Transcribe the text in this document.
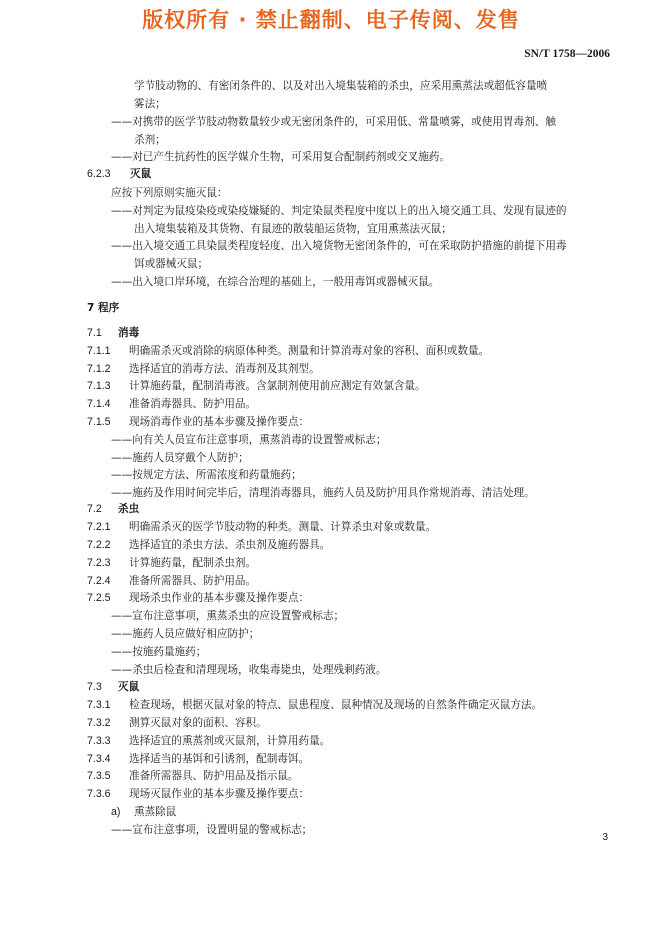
版权所有 · 禁止翻制、电子传阅、发售
SN/T 1758—2006
学节肢动物的、有密闭条件的、以及对出入境集装箱的杀虫，应采用熏蒸法或超低容量喷
雾法；
——对携带的医学节肢动物数量较少或无密闭条件的，可采用低、常量喷雾，或使用胃毒剂、触
杀剂；
——对已产生抗药性的医学媒介生物，可采用复合配制药剂或交叉施药。
6.2.3 灭鼠
应按下列原则实施灭鼠：
——对判定为鼠疫染疫或染疫嫌疑的、判定染鼠类程度中度以上的出入境交通工具、发现有鼠迹的
出入境集装箱及其货物、有鼠迹的散装船运货物，宜用熏蒸法灭鼠；
——出入境交通工具染鼠类程度轻度、出入境货物无密闭条件的，可在采取防护措施的前提下用毒
饵或器械灭鼠；
——出入境口岸环境，在综合治理的基础上，一般用毒饵或器械灭鼠。
7 程序
7.1 消毒
7.1.1 明确需杀灭或消除的病原体种类。测量和计算消毒对象的容积、面积或数量。
7.1.2 选择适宜的消毒方法、消毒剂及其剂型。
7.1.3 计算施药量，配制消毒液。含氯制剂使用前应测定有效氯含量。
7.1.4 准备消毒器具、防护用品。
7.1.5 现场消毒作业的基本步骤及操作要点：
——向有关人员宣布注意事项，熏蒸消毒的设置警戒标志；
——施药人员穿戴个人防护；
——按规定方法、所需浓度和药量施药；
——施药及作用时间完毕后，清理消毒器具，施药人员及防护用具作常规消毒、清洁处理。
7.2 杀虫
7.2.1 明确需杀灭的医学节肢动物的种类。测量、计算杀虫对象或数量。
7.2.2 选择适宜的杀虫方法、杀虫剂及施药器具。
7.2.3 计算施药量，配制杀虫剂。
7.2.4 准备所需器具、防护用品。
7.2.5 现场杀虫作业的基本步骤及操作要点：
——宣布注意事项，熏蒸杀虫的应设置警戒标志；
——施药人员应做好相应防护；
——按施药量施药；
——杀虫后检查和清理现场，收集毒毙虫，处理残剩药液。
7.3 灭鼠
7.3.1 检查现场，根据灭鼠对象的特点、鼠患程度、鼠种情况及现场的自然条件确定灭鼠方法。
7.3.2 测算灭鼠对象的面积、容积。
7.3.3 选择适宜的熏蒸剂或灭鼠剂，计算用药量。
7.3.4 选择适当的基饵和引诱剂，配制毒饵。
7.3.5 准备所需器具、防护用品及指示鼠。
7.3.6 现场灭鼠作业的基本步骤及操作要点：
a) 熏蒸除鼠
——宣布注意事项，设置明显的警戒标志；
3
